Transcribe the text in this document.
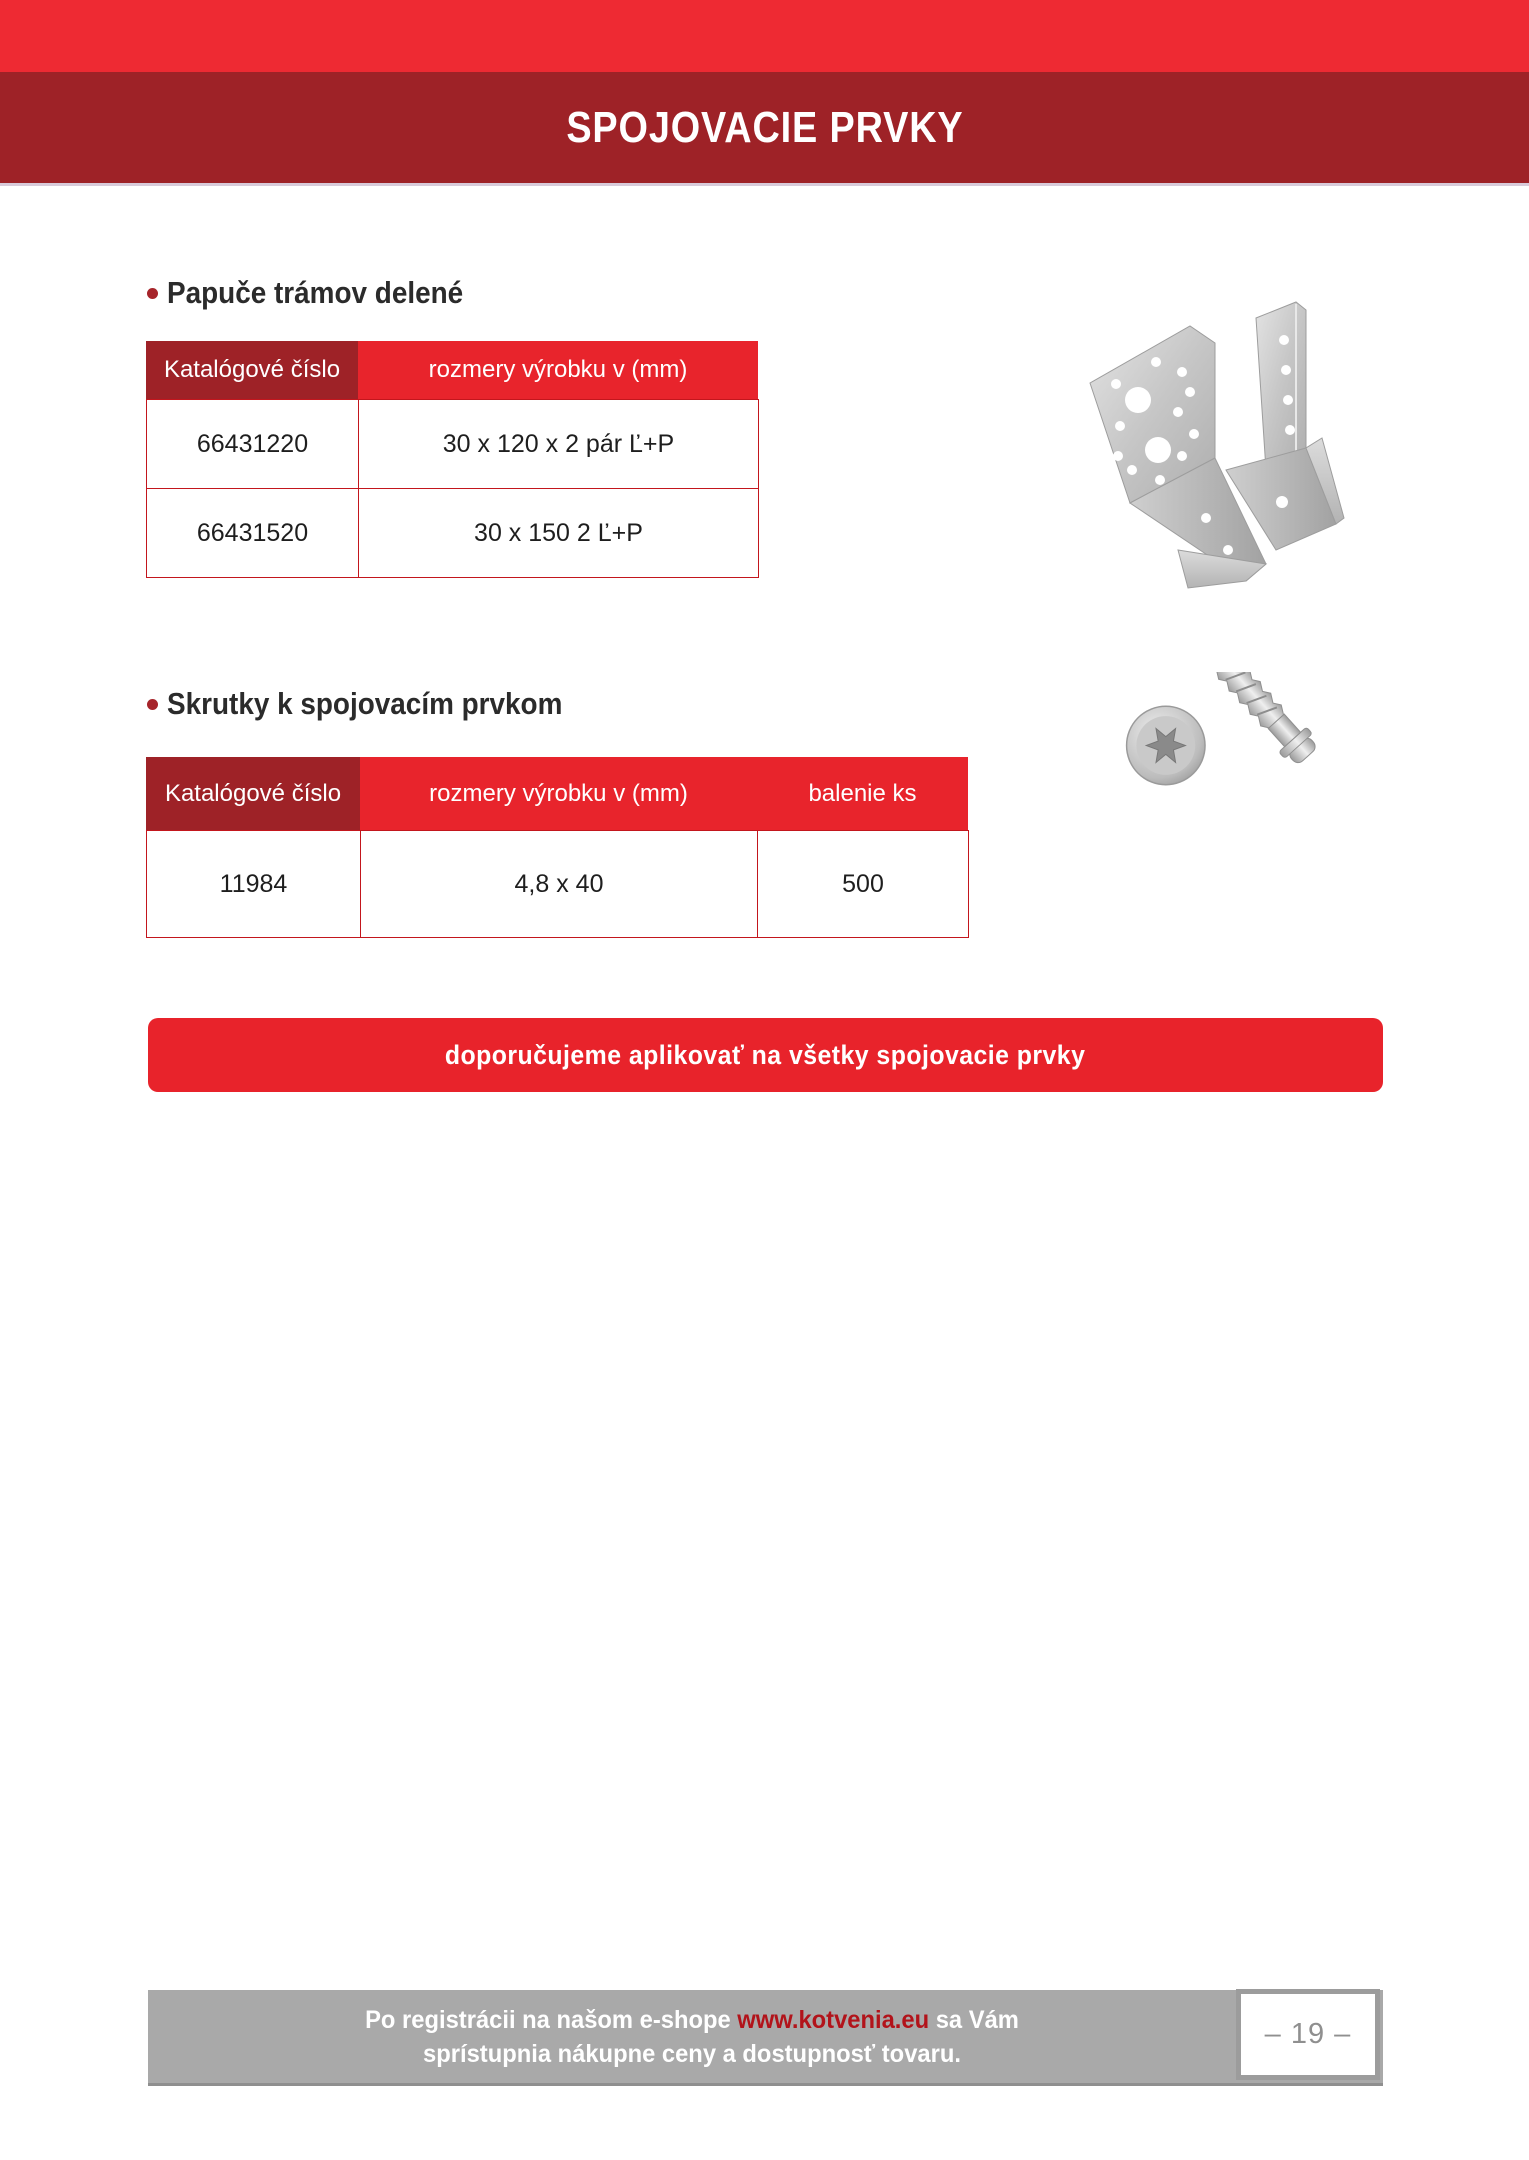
SPOJOVACIE PRVKY
Papuče trámov delené
Katalógové číslo	rozmery výrobku v (mm)
66431220	30 x 120 x 2 pár Ľ+P
66431520	30 x 150 2 Ľ+P
Skrutky k spojovacím prvkom
Katalógové číslo	rozmery výrobku v (mm)	balenie ks
11984	4,8 x 40	500
doporučujeme aplikovať na všetky spojovacie prvky
Po registrácii na našom e-shope www.kotvenia.eu sa Vám
sprístupnia nákupne ceny a dostupnosť tovaru.
– 19 –
